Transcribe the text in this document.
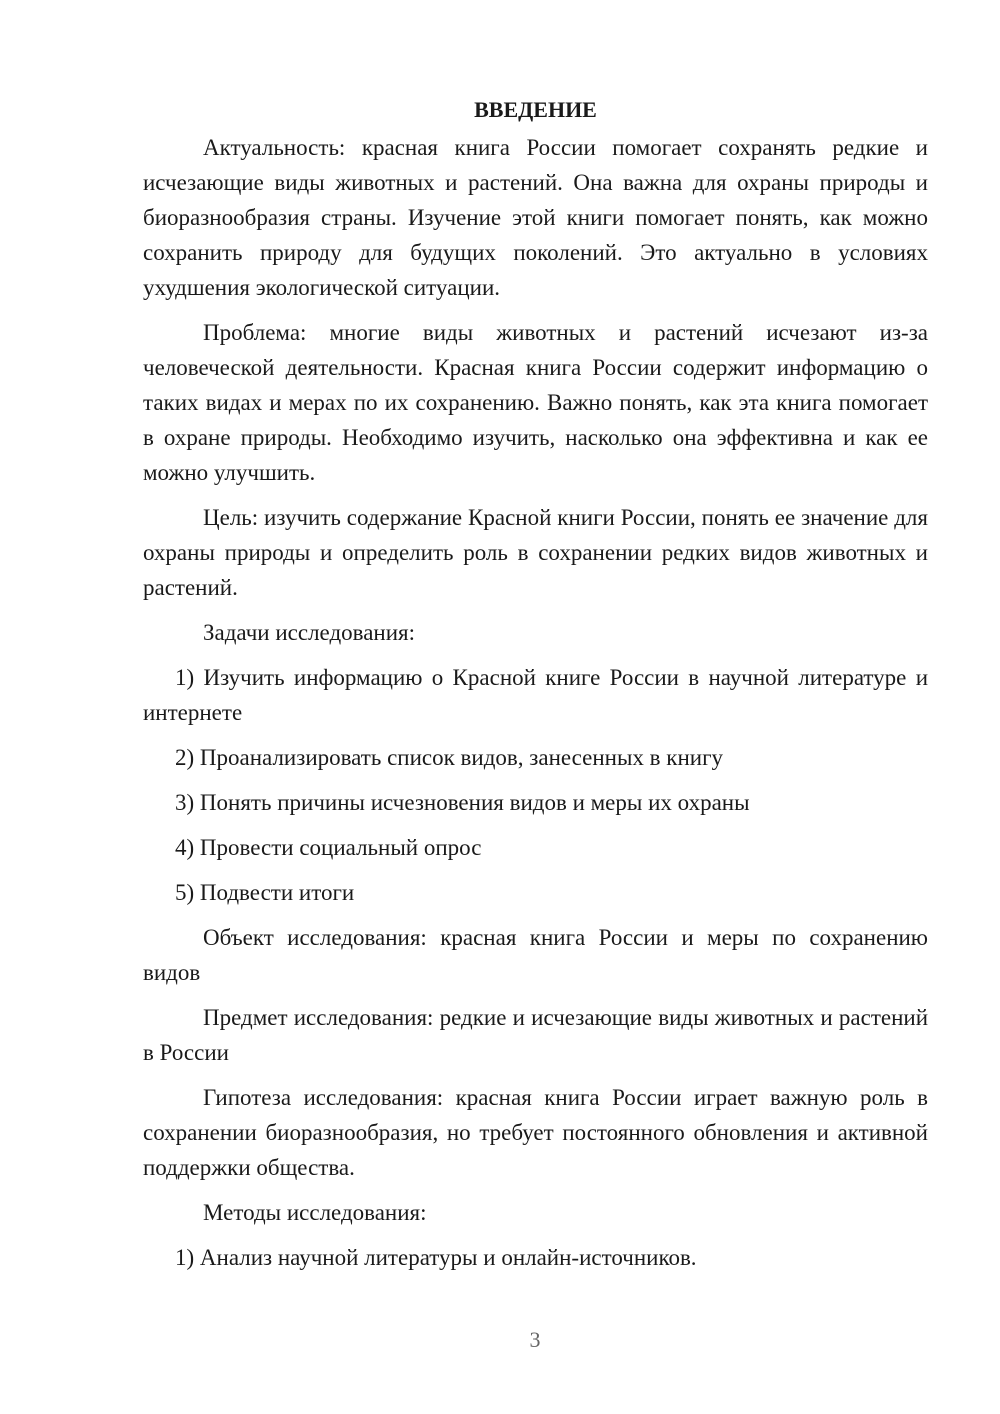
ВВЕДЕНИЕ

Актуальность: красная книга России помогает сохранять редкие и исчезающие виды животных и растений. Она важна для охраны природы и биоразнообразия страны. Изучение этой книги помогает понять, как можно сохранить природу для будущих поколений. Это актуально в условиях ухудшения экологической ситуации.

Проблема: многие виды животных и растений исчезают из-за человеческой деятельности. Красная книга России содержит информацию о таких видах и мерах по их сохранению. Важно понять, как эта книга помогает в охране природы. Необходимо изучить, насколько она эффективна и как ее можно улучшить.

Цель: изучить содержание Красной книги России, понять ее значение для охраны природы и определить роль в сохранении редких видов животных и растений.

Задачи исследования:

1) Изучить информацию о Красной книге России в научной литературе и интернете

2) Проанализировать список видов, занесенных в книгу

3) Понять причины исчезновения видов и меры их охраны

4) Провести социальный опрос

5) Подвести итоги

Объект исследования: красная книга России и меры по сохранению видов

Предмет исследования: редкие и исчезающие виды животных и растений в России

Гипотеза исследования: красная книга России играет важную роль в сохранении биоразнообразия, но требует постоянного обновления и активной поддержки общества.

Методы исследования:

1) Анализ научной литературы и онлайн-источников.

3
